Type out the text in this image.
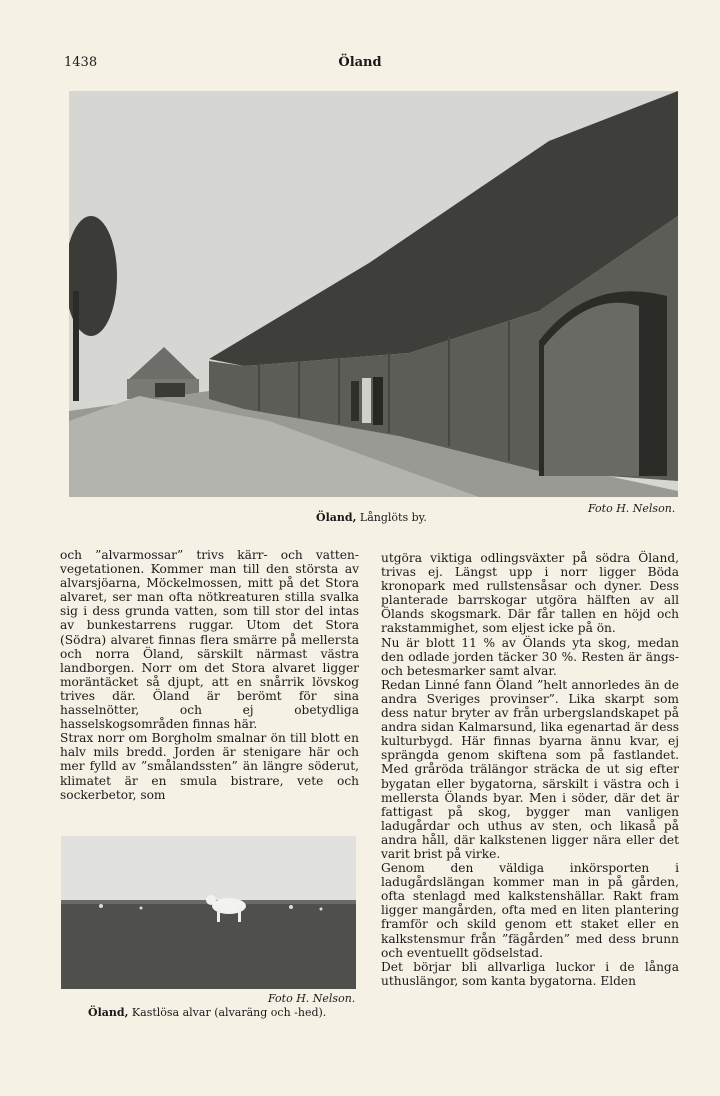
1438	Öland
Foto H. Nelson.
Öland, Långlöts by.

och ”alvarmossar” trivs kärr- och vatten-vegetationen. Kommer man till den största av alvarsjöarna, Möckelmossen, mitt på det Stora alvaret, ser man ofta nötkreaturen stilla svalka sig i dess grunda vatten, som till stor del intas av bunkestarrens ruggar. Utom det Stora (Södra) alvaret finnas flera smärre på mellersta och norra Öland, särskilt närmast västra landborgen. Norr om det Stora alvaret ligger moräntäcket så djupt, att en snårrik lövskog trives där. Öland är berömt för sina hasselnötter, och ej obetydliga hasselskogsområden finnas här.

Strax norr om Borgholm smalnar ön till blott en halv mils bredd. Jorden är stenigare här och mer fylld av ”smålandssten” än längre söderut, klimatet är en smula bistrare, vete och sockerbetor, som

Foto H. Nelson.
Öland, Kastlösa alvar (alvaräng och -hed).

utgöra viktiga odlingsväxter på södra Öland, trivas ej. Längst upp i norr ligger Böda kronopark med rullstensåsar och dyner. Dess planterade barrskogar utgöra hälften av all Ölands skogsmark. Där får tallen en höjd och rakstammighet, som eljest icke på ön.

Nu är blott 11 % av Ölands yta skog, medan den odlade jorden täcker 30 %. Resten är ängs- och betesmarker samt alvar.

Redan Linné fann Öland ”helt annorledes än de andra Sveriges provinser”. Lika skarpt som dess natur bryter av från urbergslandskapet på andra sidan Kalmarsund, lika egenartad är dess kulturbygd. Här finnas byarna ännu kvar, ej sprängda genom skiftena som på fastlandet. Med gråröda trälängor sträcka de ut sig efter bygatan eller bygatorna, särskilt i västra och i mellersta Ölands byar. Men i söder, där det är fattigast på skog, bygger man vanligen ladugårdar och uthus av sten, och likaså på andra håll, där kalkstenen ligger nära eller det varit brist på virke.

Genom den väldiga inkörsporten i ladugårdslängan kommer man in på gården, ofta stenlagd med kalkstenshällar. Rakt fram ligger mangården, ofta med en liten plantering framför och skild genom ett staket eller en kalkstensmur från ”fägården” med dess brunn och eventuellt gödselstad.

Det börjar bli allvarliga luckor i de långa uthuslängor, som kanta bygatorna. Elden
